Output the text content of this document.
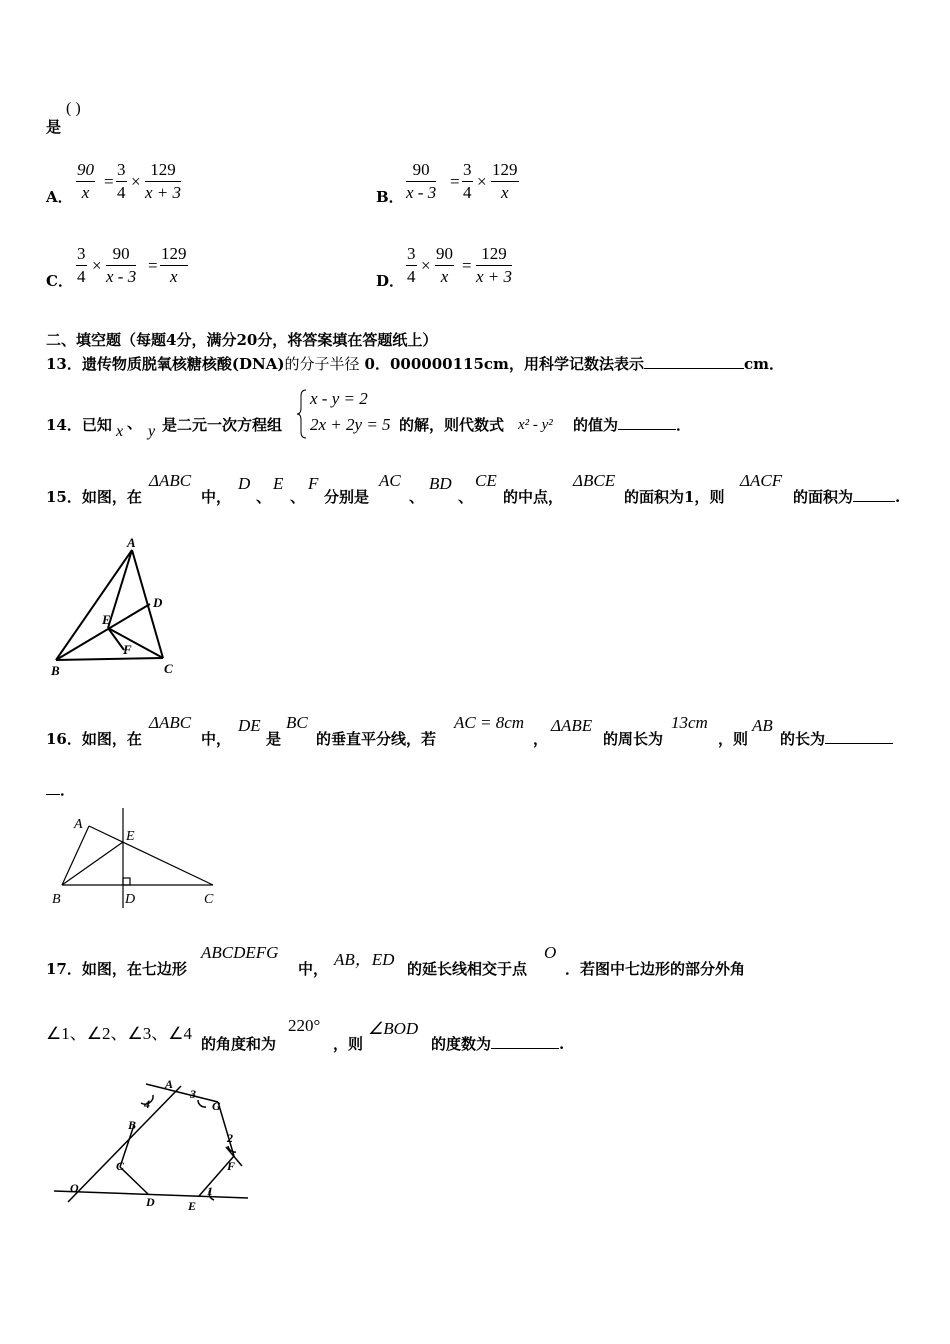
是
( )
A． $\frac{90}{x} = \frac{3}{4} \times \frac{129}{x + 3}$	B． $\frac{90}{x - 3} = \frac{3}{4} \times \frac{129}{x}$
C． $\frac{3}{4} \times \frac{90}{x - 3} = \frac{129}{x}$	D． $\frac{3}{4} \times \frac{90}{x} = \frac{129}{x + 3}$
二、填空题（每题4分，满分20分，将答案填在答题纸上）
13．遗传物质脱氧核糖核酸(DNA)的分子半径 0．000000115cm，用科学记数法表示	cm．
14．已知 x 、 y 是二元一次方程组
x - y = 2
2x + 2y = 5 的解，则代数式 x² - y² 的值为	．
15．如图，在
ΔABC
中，
D
、
E
、
F
分别是
AC
、
BD
、
CE
的中点，
ΔBCE
的面积为1，则
ΔACF
的面积为	.
A
B	C
D
E
F
16．如图，在
ΔABC
中，
DE
是
BC
的垂直平分线，若
AC = 8cm
，
ΔABE
的周长为
13cm
，则
AB
的长为
．
A
E
B	D	C
17．如图，在七边形
ABCDEFG
中， AB，ED 的延长线相交于点
O
．若图中七边形的部分外角
∠1、∠2、∠3、∠4
的角度和为
220°
，则
∠BOD
的度数为	.
A
B
C
D	E
F
G
O	1
2
3
4
